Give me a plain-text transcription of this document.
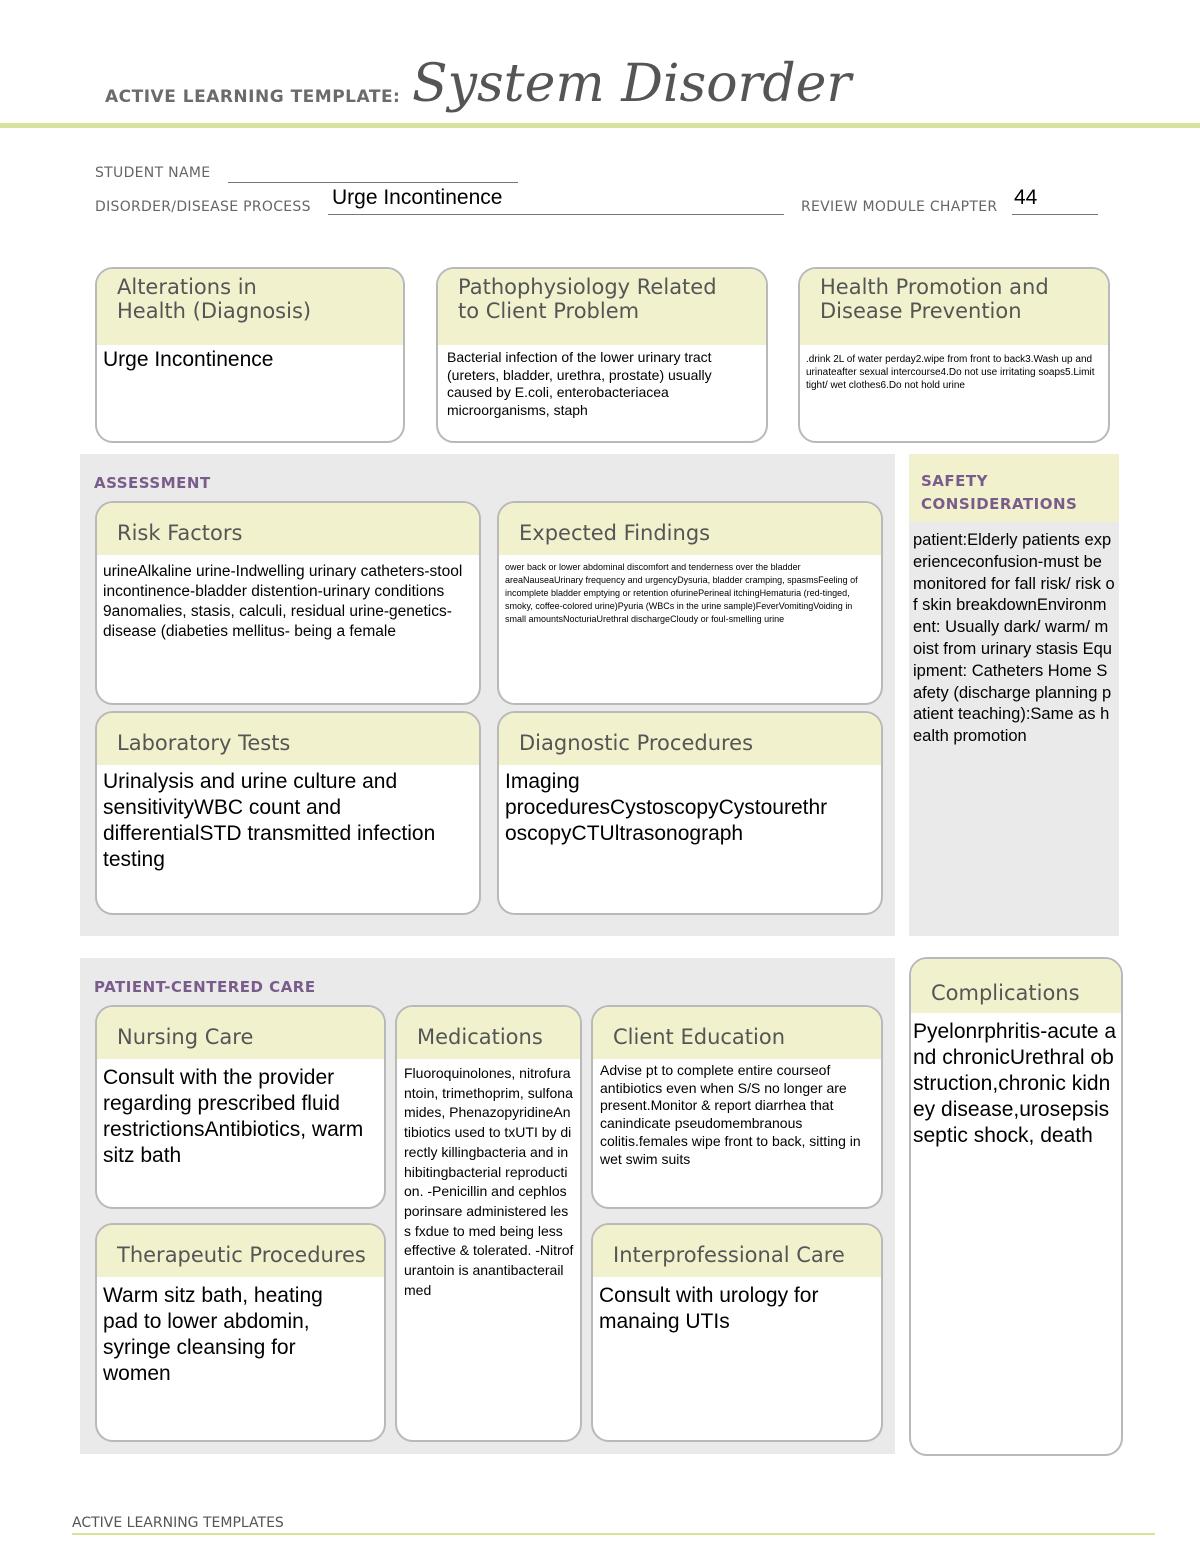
ACTIVE LEARNING TEMPLATE: System Disorder
STUDENT NAME
DISORDER/DISEASE PROCESS Urge Incontinence	REVIEW MODULE CHAPTER 44
Alterations in
Health (Diagnosis)
Urge Incontinence
Pathophysiology Related
to Client Problem
Bacterial infection of the lower urinary tract (ureters, bladder, urethra, prostate) usually caused by E.coli, enterobacteriacea microorganisms, staph
Health Promotion and
Disease Prevention
.drink 2L of water perday2.wipe from front to back3.Wash up and urinateafter sexual intercourse4.Do not use irritating soaps5.Limit tight/ wet clothes6.Do not hold urine
ASSESSMENT
Risk Factors
urineAlkaline urine-Indwelling urinary catheters-stool incontinence-bladder distention-urinary conditions 9anomalies, stasis, calculi, residual urine-genetics-disease (diabeties mellitus- being a female
Expected Findings
ower back or lower abdominal discomfort and tenderness over the bladder areaNauseaUrinary frequency and urgencyDysuria, bladder cramping, spasmsFeeling of incomplete bladder emptying or retention ofurinePerineal itchingHematuria (red-tinged, smoky, coffee-colored urine)Pyuria (WBCs in the urine sample)FeverVomitingVoiding in small amountsNocturiaUrethral dischargeCloudy or foul-smelling urine
Laboratory Tests
Urinalysis and urine culture and sensitivityWBC count and differentialSTD transmitted infection testing
Diagnostic Procedures
Imaging
proceduresCystoscopyCystourethr
oscopyCTUltrasonograph
SAFETY
CONSIDERATIONS
patient:Elderly patients experienceconfusion-must be monitored for fall risk/ risk of skin breakdownEnvironment: Usually dark/ warm/ moist from urinary stasis Equipment: Catheters Home Safety (discharge planning patient teaching):Same as health promotion
PATIENT-CENTERED CARE
Nursing Care
Consult with the provider regarding prescribed fluid restrictionsAntibiotics, warm sitz bath
Medications
Fluoroquinolones, nitrofurantoin, trimethoprim, sulfonamides, PhenazopyridineAntibiotics used to txUTI by directly killingbacteria and inhibitingbacterial reproduction. -Penicillin and cephlosporinsare administered less fxdue to med being less effective & tolerated. -Nitrofurantoin is anantibacterail med
Client Education
Advise pt to complete entire courseof antibiotics even when S/S no longer are present.Monitor & report diarrhea that canindicate pseudomembranous colitis.females wipe front to back, sitting in wet swim suits
Therapeutic Procedures
Warm sitz bath, heating pad to lower abdomin, syringe cleansing for women
Interprofessional Care
Consult with urology for manaing UTIs
Complications
Pyelonrphritis-acute and chronicUrethral obstruction,chronic kidney disease,urosepsisseptic shock, death
ACTIVE LEARNING TEMPLATES
